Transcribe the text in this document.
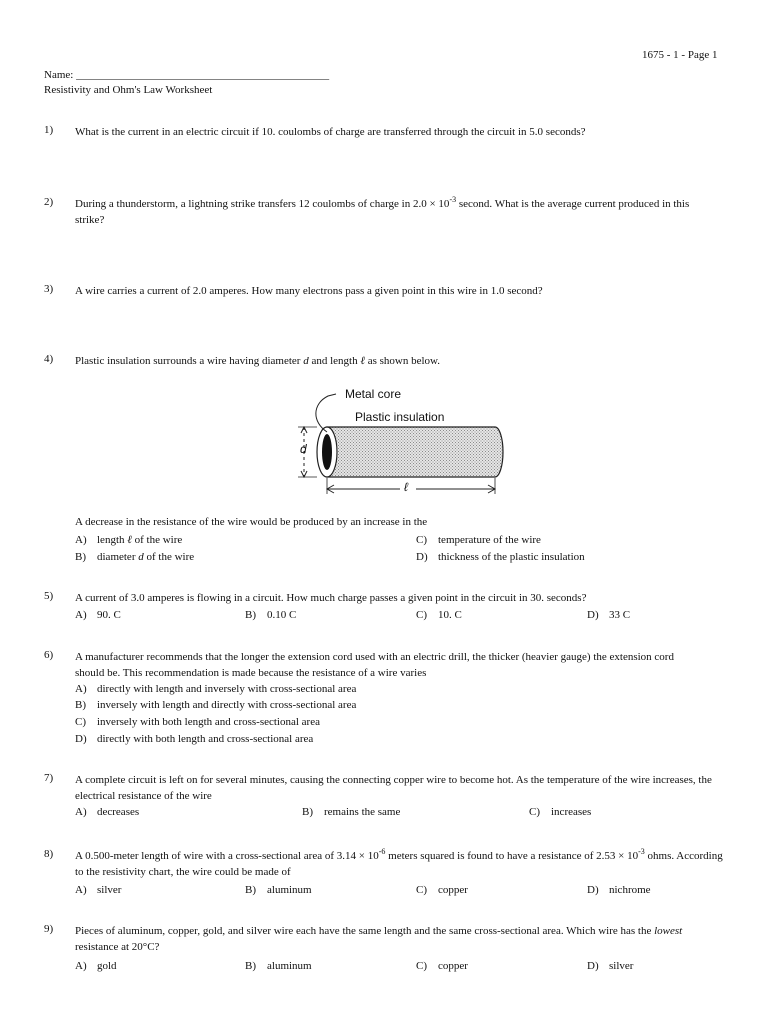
1675 - 1 - Page 1
Name: ______________________________________________
Resistivity and Ohm's Law Worksheet
1) What is the current in an electric circuit if 10. coulombs of charge are transferred through the circuit in 5.0 seconds?
2) During a thunderstorm, a lightning strike transfers 12 coulombs of charge in $2.0 \times 10^{-3}$ second. What is the average current produced in this strike?
3) A wire carries a current of 2.0 amperes. How many electrons pass a given point in this wire in 1.0 second?
4) Plastic insulation surrounds a wire having diameter d and length ℓ as shown below.
Metal core
Plastic insulation
d
ℓ
A decrease in the resistance of the wire would be produced by an increase in the
A) length ℓ of the wire
B) diameter d of the wire
C) temperature of the wire
D) thickness of the plastic insulation
5) A current of 3.0 amperes is flowing in a circuit. How much charge passes a given point in the circuit in 30. seconds?
A) 90. C	B) 0.10 C	C) 10. C	D) 33 C
6) A manufacturer recommends that the longer the extension cord used with an electric drill, the thicker (heavier gauge) the extension cord should be. This recommendation is made because the resistance of a wire varies
A) directly with length and inversely with cross-sectional area
B) inversely with length and directly with cross-sectional area
C) inversely with both length and cross-sectional area
D) directly with both length and cross-sectional area
7) A complete circuit is left on for several minutes, causing the connecting copper wire to become hot. As the temperature of the wire increases, the electrical resistance of the wire
A) decreases	B) remains the same	C) increases
8) A 0.500-meter length of wire with a cross-sectional area of $3.14 \times 10^{-6}$ meters squared is found to have a resistance of $2.53 \times 10^{-3}$ ohms. According to the resistivity chart, the wire could be made of
A) silver	B) aluminum	C) copper	D) nichrome
9) Pieces of aluminum, copper, gold, and silver wire each have the same length and the same cross-sectional area. Which wire has the lowest resistance at 20°C?
A) gold	B) aluminum	C) copper	D) silver
